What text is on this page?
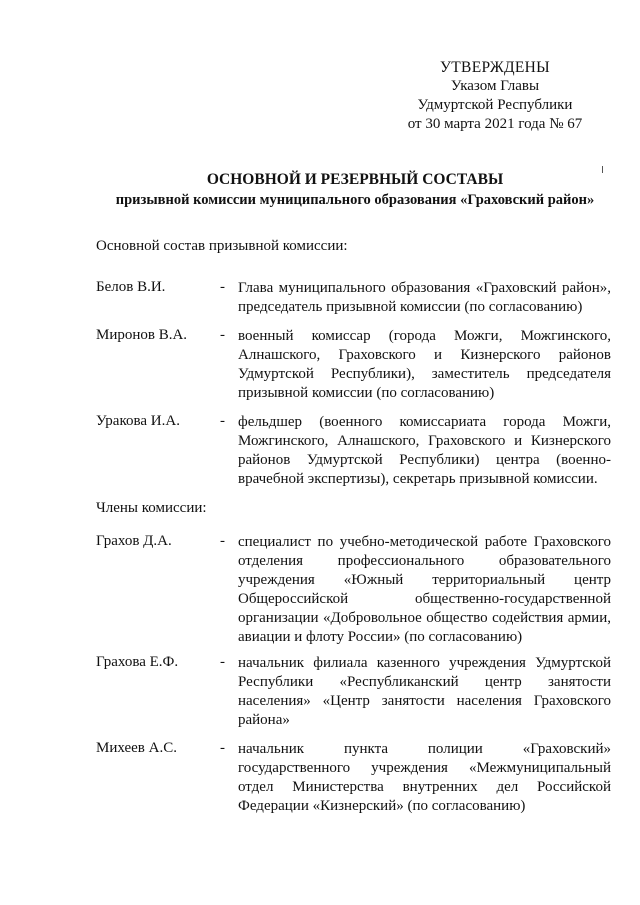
УТВЕРЖДЕНЫ
Указом Главы
Удмуртской Республики
от 30 марта 2021 года № 67
ОСНОВНОЙ И РЕЗЕРВНЫЙ СОСТАВЫ
призывной комиссии муниципального образования «Граховский район»
Основной состав призывной комиссии:
Белов В.И.	- Глава муниципального образования «Граховский район»,
председатель призывной комиссии (по согласованию)
Миронов В.А. - военный комиссар (города Можги, Можгинского,
Алнашского, Граховского и Кизнерского районов
Удмуртской Республики), заместитель председателя
призывной комиссии (по согласованию)
Уракова И.А.	- фельдшер (военного комиссариата города Можги,
Можгинского, Алнашского, Граховского и Кизнерского
районов Удмуртской Республики) центра (военно-
врачебной экспертизы), секретарь призывной комиссии.
Члены комиссии:
Грахов Д.А.	- специалист по учебно-методической работе Граховского
отделения профессионального образовательного
учреждения «Южный территориальный центр
Общероссийской общественно-государственной
организации «Добровольное общество содействия армии,
авиации и флоту России» (по согласованию)
Грахова Е.Ф.	- начальник филиала казенного учреждения Удмуртской
Республики «Республиканский центр занятости
населения» «Центр занятости населения Граховского
района»
Михеев А.С.	- начальник пункта полиции «Граховский»
государственного учреждения «Межмуниципальный
отдел Министерства внутренних дел Российской
Федерации «Кизнерский» (по согласованию)
